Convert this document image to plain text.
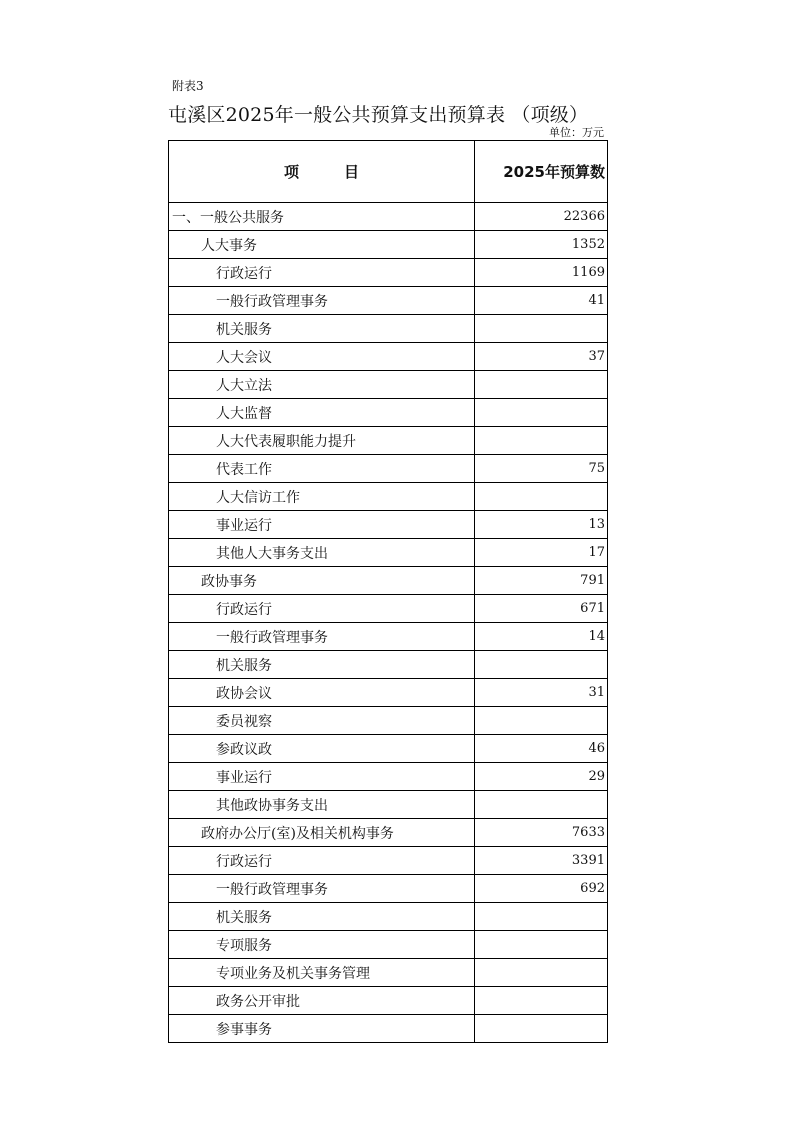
附表3
屯溪区2025年一般公共预算支出预算表 （项级）
单位：万元
项　　　目	2025年预算数
一、一般公共服务	22366
人大事务	1352
行政运行	1169
一般行政管理事务	41
机关服务	
人大会议	37
人大立法	
人大监督	
人大代表履职能力提升	
代表工作	75
人大信访工作	
事业运行	13
其他人大事务支出	17
政协事务	791
行政运行	671
一般行政管理事务	14
机关服务	
政协会议	31
委员视察	
参政议政	46
事业运行	29
其他政协事务支出	
政府办公厅(室)及相关机构事务	7633
行政运行	3391
一般行政管理事务	692
机关服务	
专项服务	
专项业务及机关事务管理	
政务公开审批	
参事事务	
